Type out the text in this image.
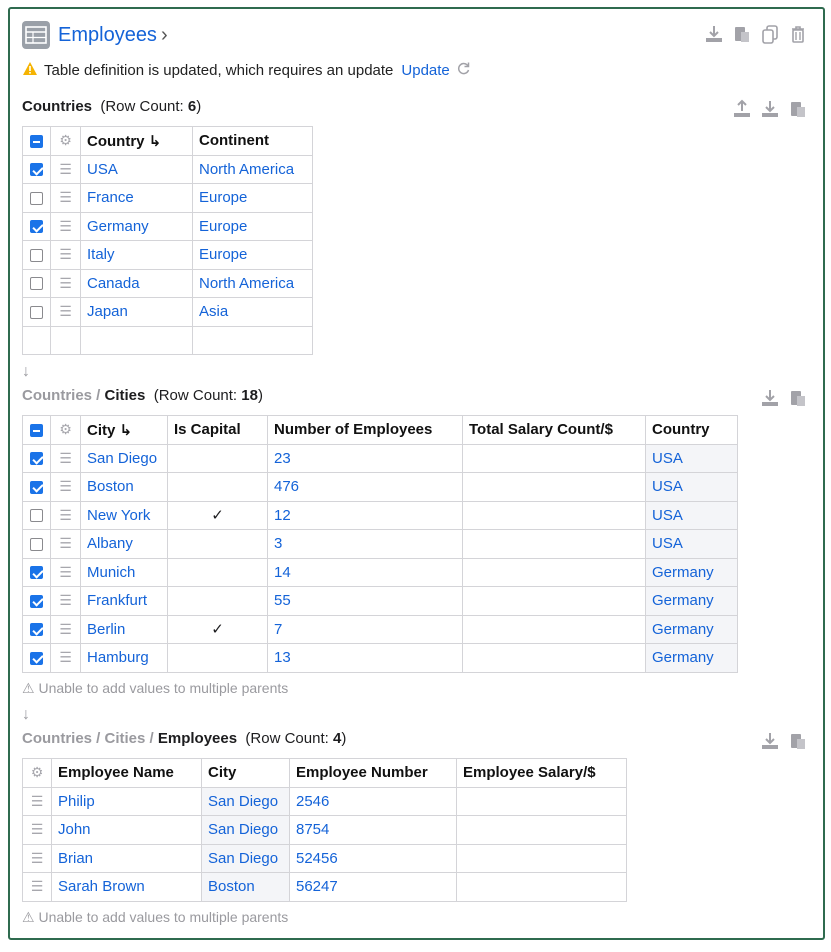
Employees ›
Table definition is updated, which requires an update Update
Countries (Row Count: 6)
	⚙	Country ↳	Continent
	☰	USA	North America
	☰	France	Europe
	☰	Germany	Europe
	☰	Italy	Europe
	☰	Canada	North America
	☰	Japan	Asia

↓
Countries / Cities (Row Count: 18)
	⚙	City ↳	Is Capital	Number of Employees	Total Salary Count/$	Country
	☰	San Diego		23		USA
	☰	Boston		476		USA
	☰	New York	✓	12		USA
	☰	Albany		3		USA
	☰	Munich		14		Germany
	☰	Frankfurt		55		Germany
	☰	Berlin	✓	7		Germany
	☰	Hamburg		13		Germany
⚠ Unable to add values to multiple parents
↓
Countries / Cities / Employees (Row Count: 4)
⚙	Employee Name	City	Employee Number	Employee Salary/$
☰	Philip	San Diego	2546	
☰	John	San Diego	8754	
☰	Brian	San Diego	52456	
☰	Sarah Brown	Boston	56247	
⚠ Unable to add values to multiple parents
